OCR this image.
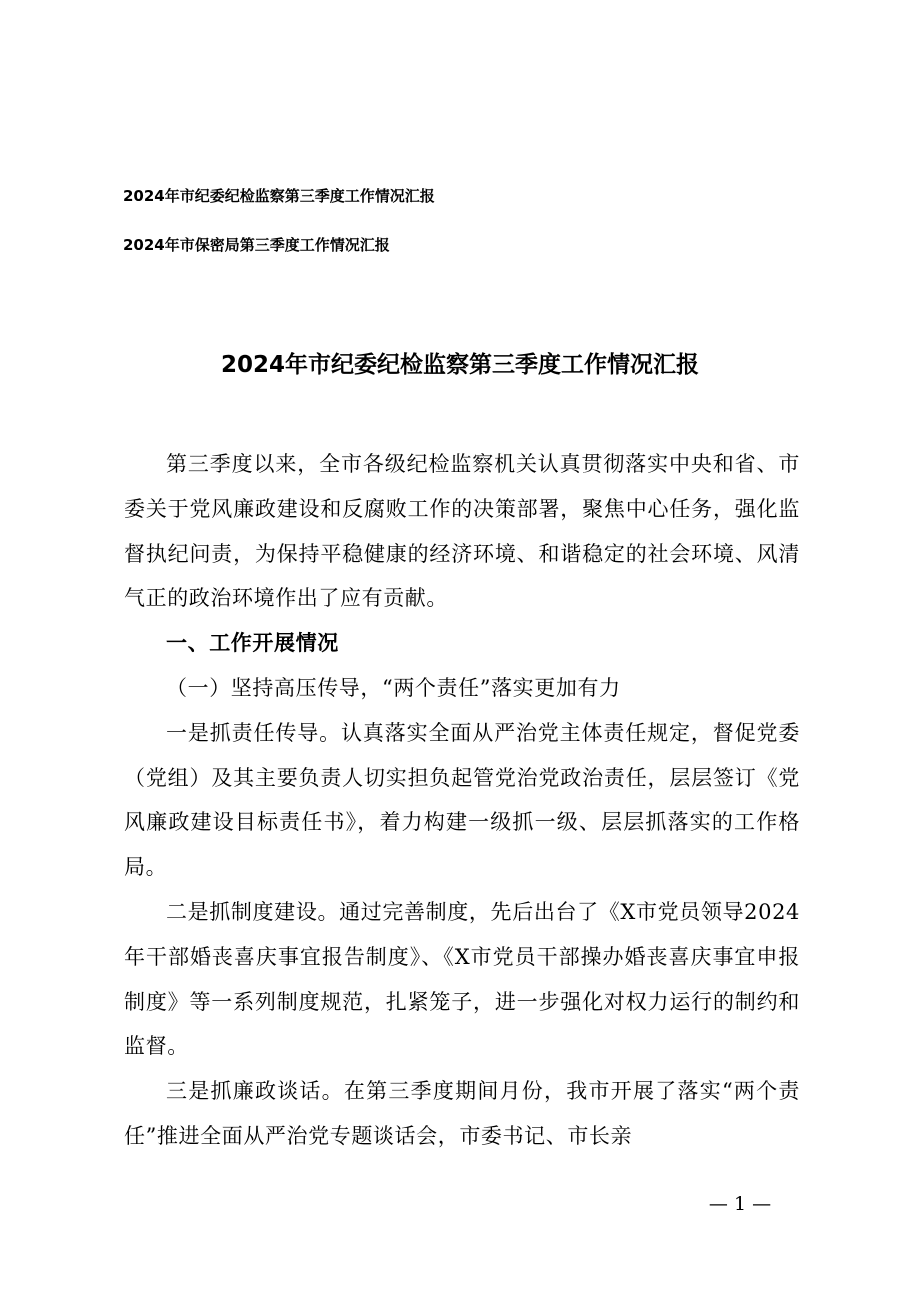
2024年市纪委纪检监察第三季度工作情况汇报
2024年市保密局第三季度工作情况汇报
2024年市纪委纪检监察第三季度工作情况汇报

第三季度以来，全市各级纪检监察机关认真贯彻落实中央和省、市委关于党风廉政建设和反腐败工作的决策部署，聚焦中心任务，强化监督执纪问责，为保持平稳健康的经济环境、和谐稳定的社会环境、风清气正的政治环境作出了应有贡献。

一、工作开展情况

（一）坚持高压传导，“两个责任”落实更加有力

一是抓责任传导。认真落实全面从严治党主体责任规定，督促党委（党组）及其主要负责人切实担负起管党治党政治责任，层层签订《党风廉政建设目标责任书》，着力构建一级抓一级、层层抓落实的工作格局。

二是抓制度建设。通过完善制度，先后出台了《X市党员领导2024年干部婚丧喜庆事宜报告制度》、《X市党员干部操办婚丧喜庆事宜申报制度》等一系列制度规范，扎紧笼子，进一步强化对权力运行的制约和监督。

三是抓廉政谈话。在第三季度期间月份，我市开展了落实“两个责任”推进全面从严治党专题谈话会，市委书记、市长亲

— 1 —
